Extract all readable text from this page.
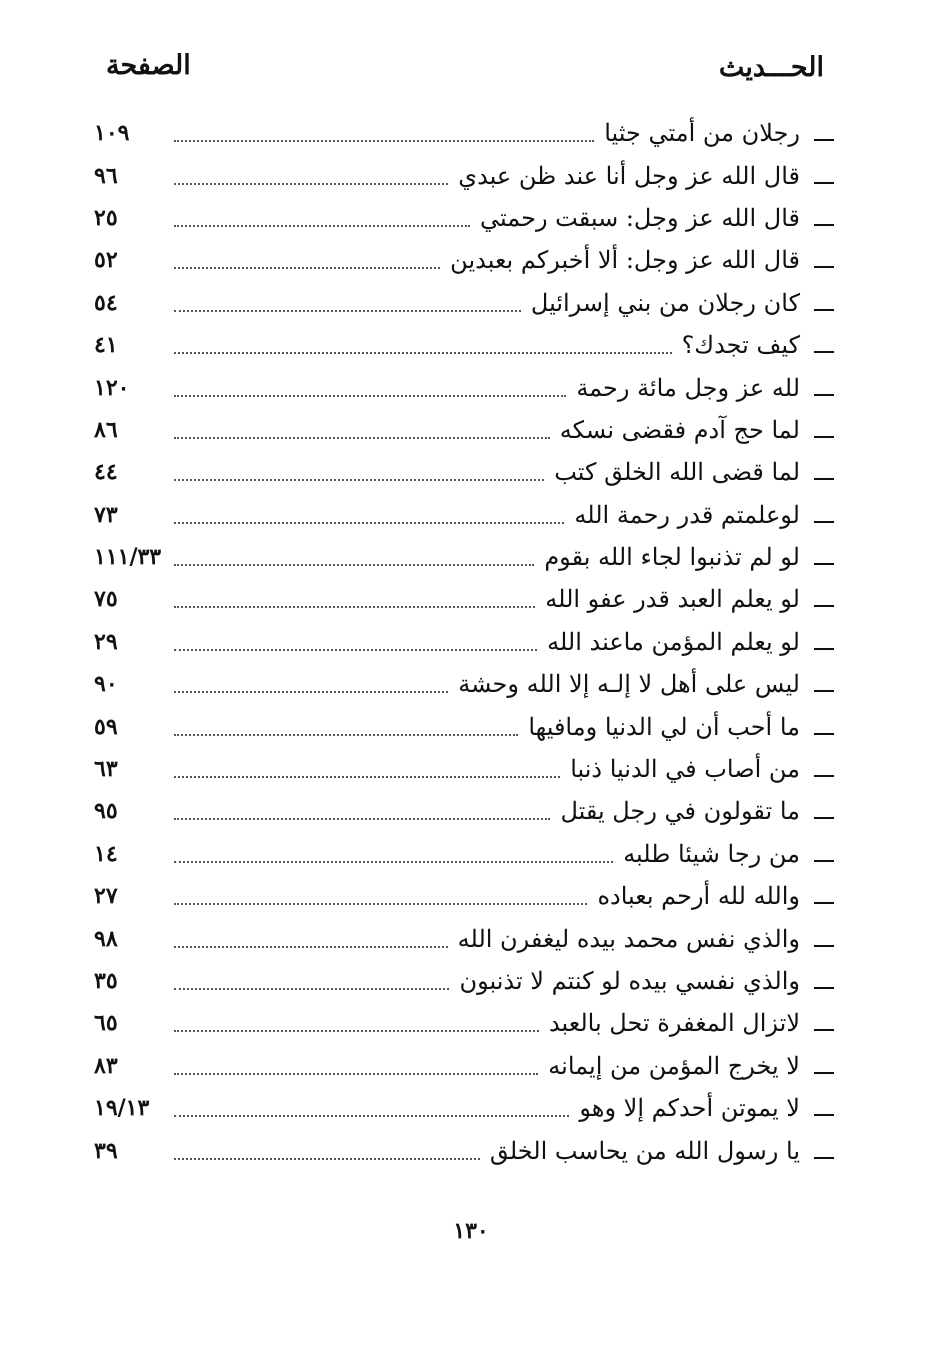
الحـــديث
الصفحة
رجلان من أمتي جثيا
١٠٩
قال الله عز وجل أنا عند ظن عبدي
٩٦
قال الله عز وجل: سبقت رحمتي
٢٥
قال الله عز وجل: ألا أخبركم بعبدين
٥٢
كان رجلان من بني إسرائيل
٥٤
كيف تجدك؟
٤١
لله عز وجل مائة رحمة
١٢٠
لما حج آدم فقضى نسكه
٨٦
لما قضى الله الخلق كتب
٤٤
لوعلمتم قدر رحمة الله
٧٣
لو لم تذنبوا لجاء الله بقوم
١١١/٣٣
لو يعلم العبد قدر عفو الله
٧٥
لو يعلم المؤمن ماعند الله
٢٩
ليس على أهل لا إلـه إلا الله وحشة
٩٠
ما أحب أن لي الدنيا ومافيها
٥٩
من أصاب في الدنيا ذنبا
٦٣
ما تقولون في رجل يقتل
٩٥
من رجا شيئا طلبه
١٤
والله لله أرحم بعباده
٢٧
والذي نفس محمد بيده ليغفرن الله
٩٨
والذي نفسي بيده لو كنتم لا تذنبون
٣٥
لاتزال المغفرة تحل بالعبد
٦٥
لا يخرج المؤمن من إيمانه
٨٣
لا يموتن أحدكم إلا وهو
١٩/١٣
يا رسول الله من يحاسب الخلق
٣٩
١٣٠
